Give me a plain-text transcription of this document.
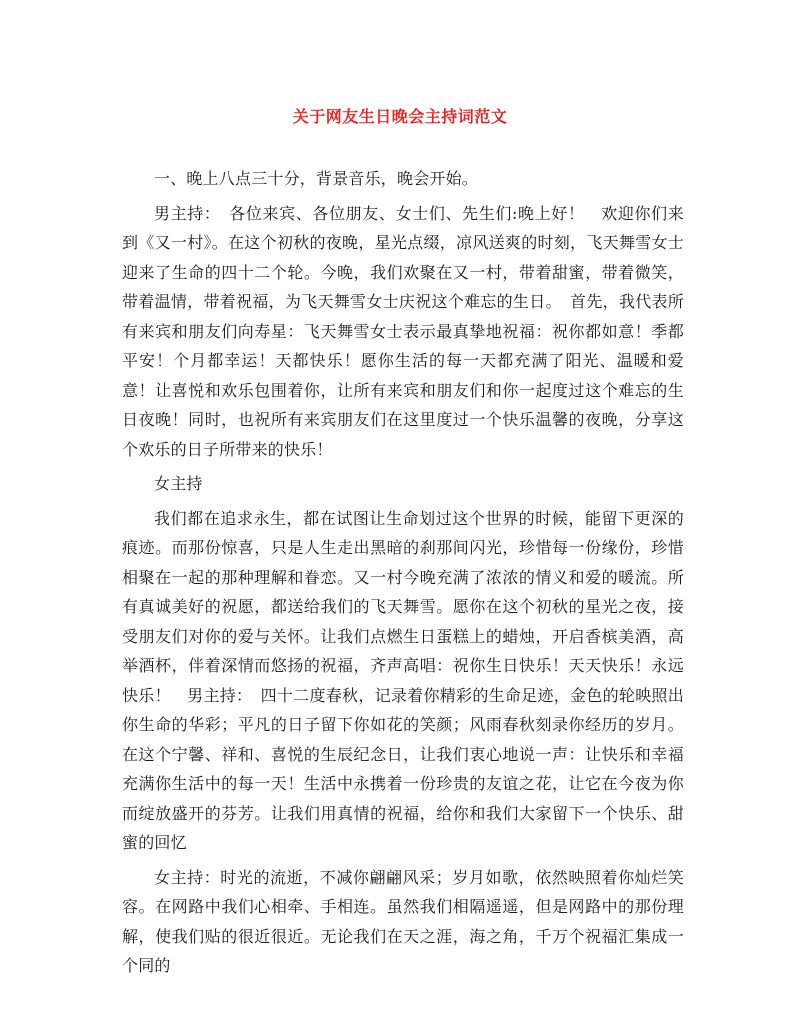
关于网友生日晚会主持词范文

一、晚上八点三十分，背景音乐，晚会开始。

男主持：　各位来宾、各位朋友、女士们、先生们:晚上好！　欢迎你们来到《又一村》。在这个初秋的夜晚，星光点缀，凉风送爽的时刻，飞天舞雪女士迎来了生命的四十二个轮。今晚，我们欢聚在又一村，带着甜蜜，带着微笑，带着温情，带着祝福，为飞天舞雪女士庆祝这个难忘的生日。　首先，我代表所有来宾和朋友们向寿星：飞天舞雪女士表示最真挚地祝福：祝你都如意！季都平安！个月都幸运！天都快乐！愿你生活的每一天都充满了阳光、温暖和爱意！让喜悦和欢乐包围着你，让所有来宾和朋友们和你一起度过这个难忘的生日夜晚！同时，也祝所有来宾朋友们在这里度过一个快乐温馨的夜晚，分享这个欢乐的日子所带来的快乐！

女主持

我们都在追求永生，都在试图让生命划过这个世界的时候，能留下更深的痕迹。而那份惊喜，只是人生走出黑暗的刹那间闪光，珍惜每一份缘份，珍惜相聚在一起的那种理解和眷恋。又一村今晚充满了浓浓的情义和爱的暖流。所有真诚美好的祝愿，都送给我们的飞天舞雪。愿你在这个初秋的星光之夜，接受朋友们对你的爱与关怀。让我们点燃生日蛋糕上的蜡烛，开启香槟美酒，高举酒杯，伴着深情而悠扬的祝福，齐声高唱：祝你生日快乐！天天快乐！永远快乐！　男主持：　四十二度春秋，记录着你精彩的生命足迹，金色的轮映照出你生命的华彩；平凡的日子留下你如花的笑颜；风雨春秋刻录你经历的岁月。在这个宁馨、祥和、喜悦的生辰纪念日，让我们衷心地说一声：让快乐和幸福充满你生活中的每一天！生活中永携着一份珍贵的友谊之花，让它在今夜为你而绽放盛开的芬芳。让我们用真情的祝福，给你和我们大家留下一个快乐、甜蜜的回忆

女主持：时光的流逝，不减你翩翩风采；岁月如歌，依然映照着你灿烂笑容。在网路中我们心相牵、手相连。虽然我们相隔遥遥，但是网路中的那份理解，使我们贴的很近很近。无论我们在天之涯，海之角，千万个祝福汇集成一个同的
